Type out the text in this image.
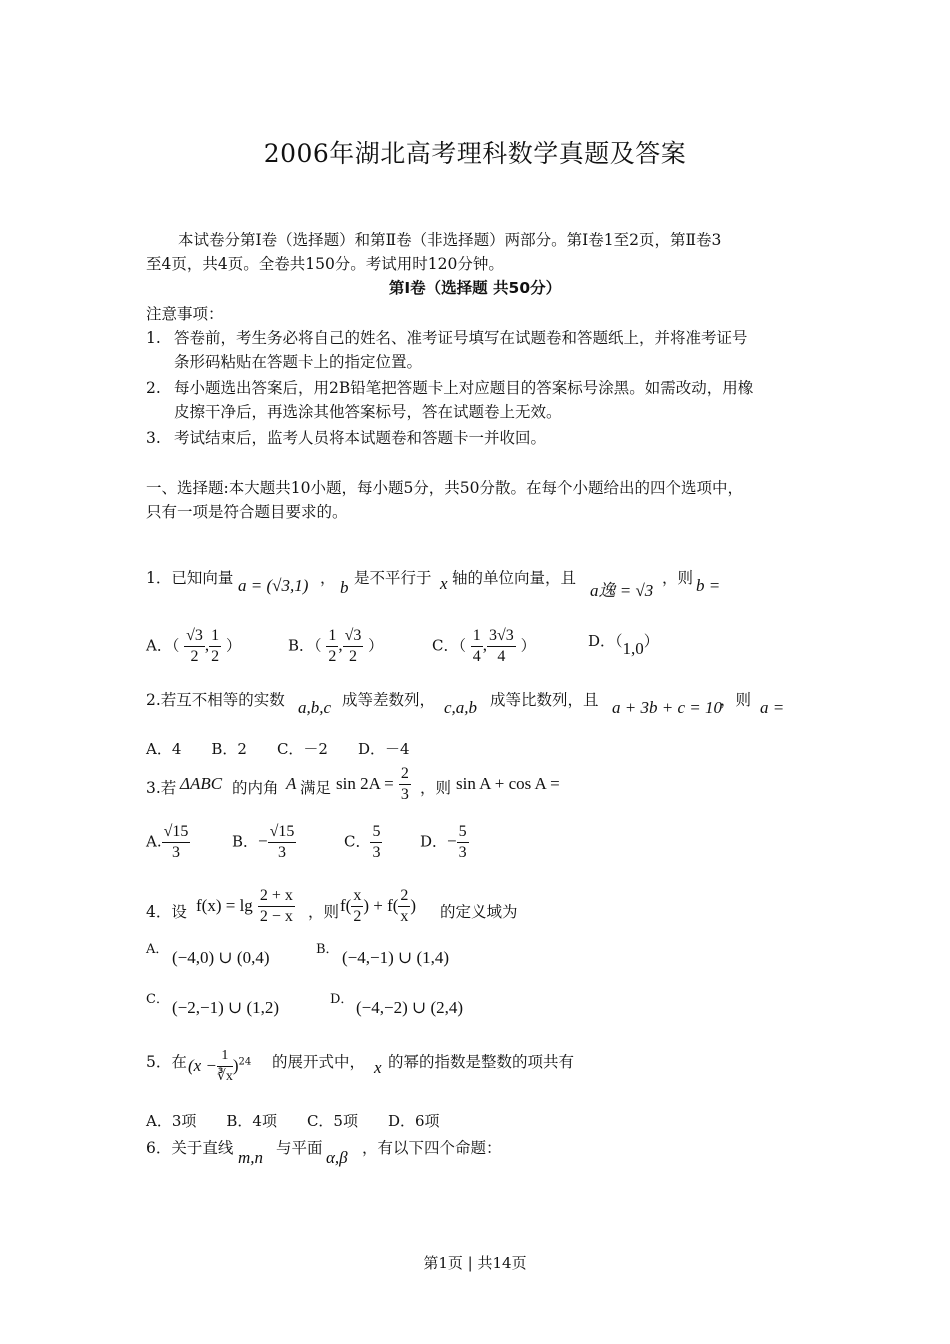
2006年湖北高考理科数学真题及答案
本试卷分第Ⅰ卷（选择题）和第Ⅱ卷（非选择题）两部分。第Ⅰ卷1至2页，第Ⅱ卷3
至4页，共4页。全卷共150分。考试用时120分钟。
第Ⅰ卷（选择题 共50分）
注意事项：
1. 答卷前，考生务必将自己的姓名、准考证号填写在试题卷和答题纸上，并将准考证号
条形码粘贴在答题卡上的指定位置。
2. 每小题选出答案后，用2B铅笔把答题卡上对应题目的答案标号涂黑。如需改动，用橡
皮擦干净后，再选涂其他答案标号，答在试题卷上无效。
3. 考试结束后，监考人员将本试题卷和答题卡一并收回。
一、选择题:本大题共10小题，每小题5分，共50分散。在每个小题给出的四个选项中，
只有一项是符合题目要求的。
1．已知向量 a = (√3,1) ， b 是不平行于 x 轴的单位向量，且
a逸 = √3
，则 b =
A．（ $\frac{√3}{2}$ , $\frac{1}{2}$ ）	B．（ $\frac{1}{2}$ , $\frac{√3}{2}$ ）	C．（ $\frac{1}{4}$ , $\frac{3√3}{4}$ ）	D．（1,0）
2.若互不相等的实数 a,b,c 成等差数列， c,a,b 成等比数列，且 a + 3b + c = 10
，则 a =
A．4　　B．2　　C．－2　　D．－4
3.若 ΔABC 的内角 A 满足 $\sin 2A = \frac{2}{3}$ ，则 sin A + cos A =
A. $\frac{√15}{3}$	B．− $\frac{√15}{3}$	C． $\frac{5}{3}$	D．− $\frac{5}{3}$
4．设 $f(x) = \lg \frac{2 + x}{2 - x}$ ，则 $f( \frac{x}{2}$ ) + $f( \frac{2}{x}$ ) 的定义域为
A． (−4,0) ∪ (0,4)	B． (−4,−1) ∪ (1,4)
C． (−2,−1) ∪ (1,2)	D． (−4,−2) ∪ (2,4)
5．在 $(x - \frac{1}{∛x} )^{24}$ 的展开式中， x 的幂的指数是整数的项共有
A．3项　　B．4项　　C．5项　　D．6项
6．关于直线 m,n 与平面 α,β ，有以下四个命题：
第1页 | 共14页
